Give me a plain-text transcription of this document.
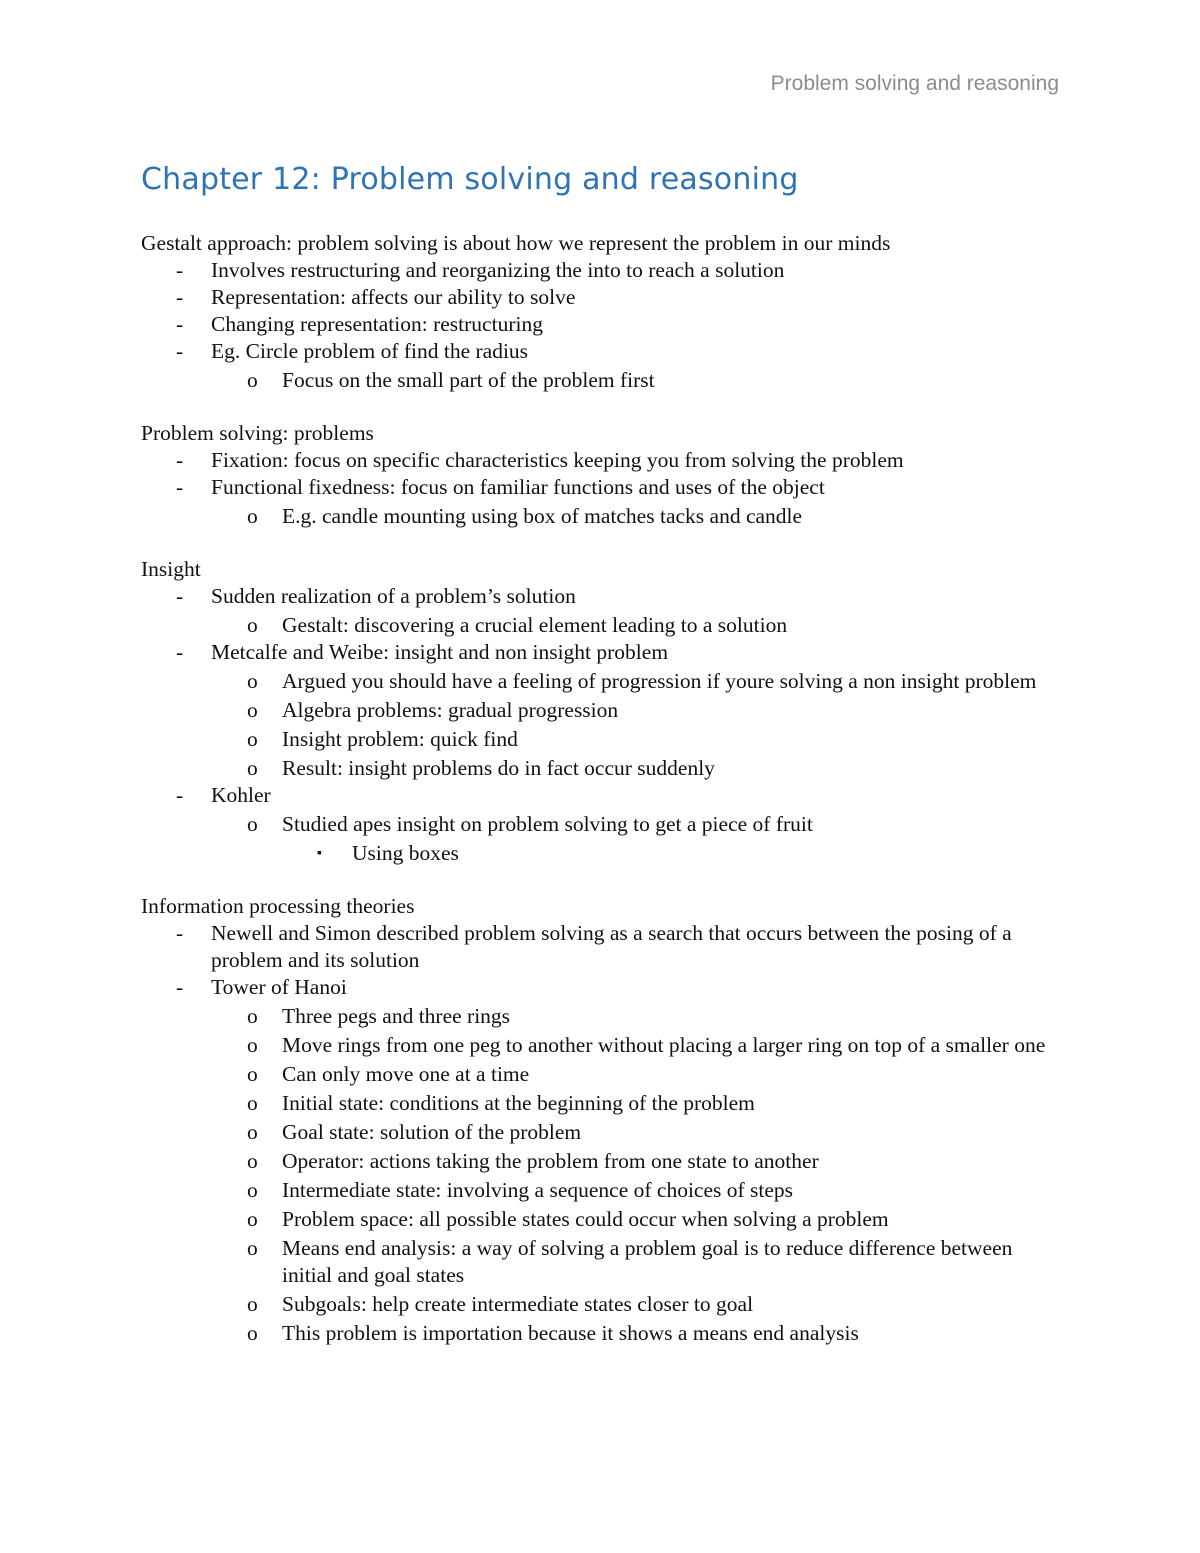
Problem solving and reasoning
Chapter 12: Problem solving and reasoning

Gestalt approach: problem solving is about how we represent the problem in our minds

- Involves restructuring and reorganizing the into to reach a solution
- Representation: affects our ability to solve
- Changing representation: restructuring
- Eg. Circle problem of find the radius
o Focus on the small part of the problem first

Problem solving: problems

- Fixation: focus on specific characteristics keeping you from solving the problem
- Functional fixedness: focus on familiar functions and uses of the object
o E.g. candle mounting using box of matches tacks and candle

Insight

- Sudden realization of a problem’s solution
o Gestalt: discovering a crucial element leading to a solution
- Metcalfe and Weibe: insight and non insight problem
o Argued you should have a feeling of progression if youre solving a non insight problem
o Algebra problems: gradual progression
o Insight problem: quick find
o Result: insight problems do in fact occur suddenly
- Kohler
o Studied apes insight on problem solving to get a piece of fruit
▪ Using boxes

Information processing theories

- Newell and Simon described problem solving as a search that occurs between the posing of a problem and its solution
- Tower of Hanoi
o Three pegs and three rings
o Move rings from one peg to another without placing a larger ring on top of a smaller one
o Can only move one at a time
o Initial state: conditions at the beginning of the problem
o Goal state: solution of the problem
o Operator: actions taking the problem from one state to another
o Intermediate state: involving a sequence of choices of steps
o Problem space: all possible states could occur when solving a problem
o Means end analysis: a way of solving a problem goal is to reduce difference between initial and goal states
o Subgoals: help create intermediate states closer to goal
o This problem is importation because it shows a means end analysis
